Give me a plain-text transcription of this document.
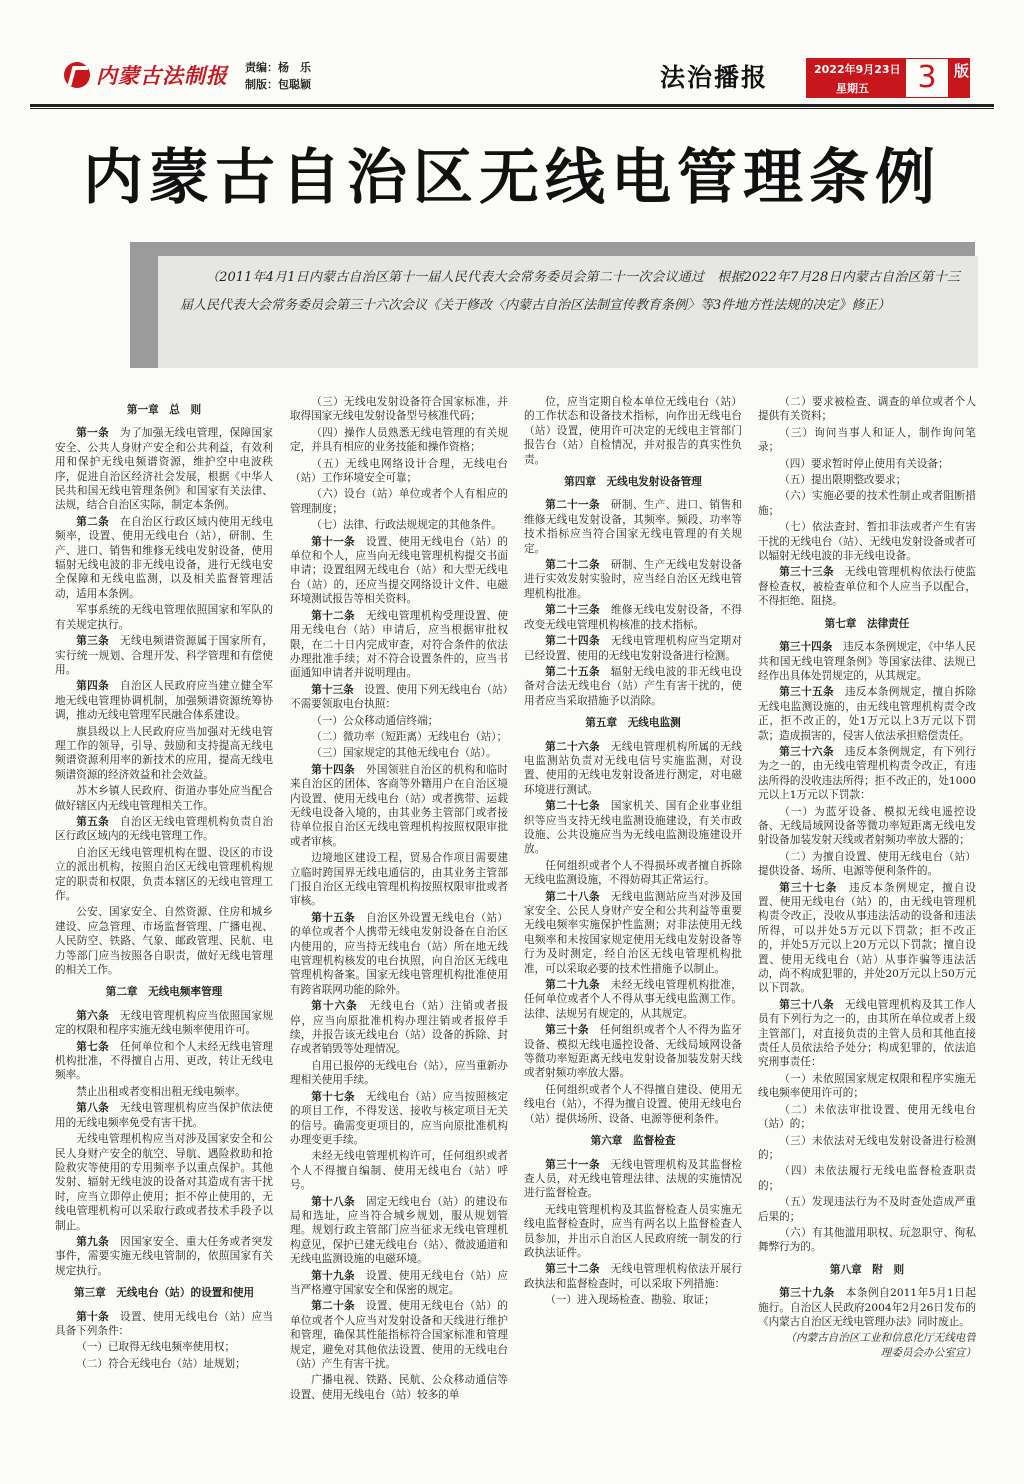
内蒙古法制报 责编：杨　乐
制版：包聪颖	法治播报	2022年9月23日
星期五	3	版
内蒙古自治区无线电管理条例

（2011年4月1日内蒙古自治区第十一届人民代表大会常务委员会第二十一次会议通过　根据2022年7月28日内蒙古自治区第十三届人民代表大会常务委员会第三十六次会议《关于修改〈内蒙古自治区法制宣传教育条例〉等3件地方性法规的决定》修正）

第一章　总　则

第一条　为了加强无线电管理，保障国家安全、公共人身财产安全和公共利益，有效利用和保护无线电频谱资源，维护空中电波秩序，促进自治区经济社会发展，根据《中华人民共和国无线电管理条例》和国家有关法律、法规，结合自治区实际，制定本条例。

第二条　在自治区行政区域内使用无线电频率，设置、使用无线电台（站），研制、生产、进口、销售和维修无线电发射设备，使用辐射无线电波的非无线电设备，进行无线电安全保障和无线电监测，以及相关监督管理活动，适用本条例。

军事系统的无线电管理依照国家和军队的有关规定执行。

第三条　无线电频谱资源属于国家所有，实行统一规划、合理开发、科学管理和有偿使用。

第四条　自治区人民政府应当建立健全军地无线电管理协调机制，加强频谱资源统筹协调，推动无线电管理军民融合体系建设。

旗县级以上人民政府应当加强对无线电管理工作的领导，引导、鼓励和支持提高无线电频谱资源利用率的新技术的应用，提高无线电频谱资源的经济效益和社会效益。

苏木乡镇人民政府、街道办事处应当配合做好辖区内无线电管理相关工作。

第五条　自治区无线电管理机构负责自治区行政区域内的无线电管理工作。

自治区无线电管理机构在盟、设区的市设立的派出机构，按照自治区无线电管理机构规定的职责和权限，负责本辖区的无线电管理工作。

公安、国家安全、自然资源、住房和城乡建设、应急管理、市场监督管理、广播电视、人民防空、铁路、气象、邮政管理、民航、电力等部门应当按照各自职责，做好无线电管理的相关工作。

第二章　无线电频率管理

第六条　无线电管理机构应当依照国家规定的权限和程序实施无线电频率使用许可。

第七条　任何单位和个人未经无线电管理机构批准，不得擅自占用、更改，转让无线电频率。

禁止出租或者变相出租无线电频率。

第八条　无线电管理机构应当保护依法使用的无线电频率免受有害干扰。

无线电管理机构应当对涉及国家安全和公民人身财产安全的航空、导航、遇险救助和抢险救灾等使用的专用频率予以重点保护。其他发射、辐射无线电波的设备对其造成有害干扰时，应当立即停止使用；拒不停止使用的，无线电管理机构可以采取行政或者技术手段予以制止。

第九条　因国家安全、重大任务或者突发事件，需要实施无线电管制的，依照国家有关规定执行。

第三章　无线电台（站）的设置和使用

第十条　设置、使用无线电台（站）应当具备下列条件：

（一）已取得无线电频率使用权；

（二）符合无线电台（站）址规划；

（三）无线电发射设备符合国家标准，并取得国家无线电发射设备型号核准代码；

（四）操作人员熟悉无线电管理的有关规定，并具有相应的业务技能和操作资格；

（五）无线电网络设计合理，无线电台（站）工作环境安全可靠；

（六）设台（站）单位或者个人有相应的管理制度；

（七）法律、行政法规规定的其他条件。

第十一条　设置、使用无线电台（站）的单位和个人，应当向无线电管理机构提交书面申请；设置组网无线电台（站）和大型无线电台（站）的，还应当提交网络设计文件、电磁环境测试报告等相关资料。

第十二条　无线电管理机构受理设置、使用无线电台（站）申请后，应当根据审批权限，在二十日内完成审查，对符合条件的依法办理批准手续；对不符合设置条件的，应当书面通知申请者并说明理由。

第十三条　设置、使用下列无线电台（站）不需要领取电台执照：

（一）公众移动通信终端；

（二）微功率（短距离）无线电台（站）；

（三）国家规定的其他无线电台（站）。

第十四条　外国领驻自治区的机构和临时来自治区的团体、客商等外籍用户在自治区境内设置、使用无线电台（站）或者携带、运载无线电设备入境的，由其业务主管部门或者接待单位报自治区无线电管理机构按照权限审批或者审核。

边境地区建设工程，贸易合作项目需要建立临时跨国界无线电通信的，由其业务主管部门报自治区无线电管理机构按照权限审批或者审核。

第十五条　自治区外设置无线电台（站）的单位或者个人携带无线电发射设备在自治区内使用的，应当持无线电台（站）所在地无线电管理机构核发的电台执照，向自治区无线电管理机构备案。国家无线电管理机构批准使用有跨省联网功能的除外。

第十六条　无线电台（站）注销或者报停，应当向原批准机构办理注销或者报停手续，并报告该无线电台（站）设备的拆除、封存或者销毁等处理情况。

自用已报停的无线电台（站），应当重新办理相关使用手续。

第十七条　无线电台（站）应当按照核定的项目工作，不得发送、接收与核定项目无关的信号。确需变更项目的，应当向原批准机构办理变更手续。

未经无线电管理机构许可，任何组织或者个人不得擅自编制、使用无线电台（站）呼号。

第十八条　固定无线电台（站）的建设布局和选址，应当符合城乡规划，服从规划管理。规划行政主管部门应当征求无线电管理机构意见，保护已建无线电台（站）、微波通道和无线电监测设施的电磁环境。

第十九条　设置、使用无线电台（站）应当严格遵守国家安全和保密的规定。

第二十条　设置、使用无线电台（站）的单位或者个人应当对发射设备和天线进行维护和管理，确保其性能指标符合国家标准和管理规定，避免对其他依法设置、使用的无线电台（站）产生有害干扰。

广播电视、铁路、民航、公众移动通信等设置、使用无线电台（站）较多的单

位，应当定期自检本单位无线电台（站）的工作状态和设备技术指标，向作出无线电台（站）设置，使用许可决定的无线电主管部门报告台（站）自检情况，并对报告的真实性负责。

第四章　无线电发射设备管理

第二十一条　研制、生产、进口、销售和维修无线电发射设备，其频率、频段、功率等技术指标应当符合国家无线电管理的有关规定。

第二十二条　研制、生产无线电发射设备进行实效发射实验时，应当经自治区无线电管理机构批准。

第二十三条　维修无线电发射设备，不得改变无线电管理机构核准的技术指标。

第二十四条　无线电管理机构应当定期对已经设置、使用的无线电发射设备进行检测。

第二十五条　辐射无线电波的非无线电设备对合法无线电台（站）产生有害干扰的，使用者应当采取措施予以消除。

第五章　无线电监测

第二十六条　无线电管理机构所属的无线电监测站负责对无线电信号实施监测，对设置、使用的无线电发射设备进行测定，对电磁环境进行测试。

第二十七条　国家机关、国有企业事业组织等应当支持无线电监测设施建设，有关市政设施、公共设施应当为无线电监测设施建设开放。

任何组织或者个人不得损坏或者擅自拆除无线电监测设施，不得妨碍其正常运行。

第二十八条　无线电监测站应当对涉及国家安全、公民人身财产安全和公共利益等重要无线电频率实施保护性监测；对非法使用无线电频率和未按国家规定使用无线电发射设备等行为及时测定，经自治区无线电管理机构批准，可以采取必要的技术性措施予以制止。

第二十九条　未经无线电管理机构批准，任何单位或者个人不得从事无线电监测工作。法律、法规另有规定的，从其规定。

第三十条　任何组织或者个人不得为监牙设备、模拟无线电遥控设备、无线局域网设备等微功率短距离无线电发射设备加装发射天线或者射频功率放大器。

任何组织或者个人不得擅自建设、使用无线电台（站），不得为擅自设置、使用无线电台（站）提供场所、设备、电源等便利条件。

第六章　监督检查

第三十一条　无线电管理机构及其监督检查人员，对无线电管理法律、法规的实施情况进行监督检查。

无线电管理机构及其监督检查人员实施无线电监督检查时，应当有两名以上监督检查人员参加，并出示自治区人民政府统一制发的行政执法证件。

第三十二条　无线电管理机构依法开展行政执法和监督检查时，可以采取下列措施：

（一）进入现场检查、勘验、取证；

（二）要求被检查、调查的单位或者个人提供有关资料；

（三）询问当事人和证人，制作询问笔录；

（四）要求暂时停止使用有关设备；

（五）提出限期整改要求；

（六）实施必要的技术性制止或者阻断措施；

（七）依法查封、暂扣非法或者产生有害干扰的无线电台（站）、无线电发射设备或者可以辐射无线电波的非无线电设备。

第三十三条　无线电管理机构依法行使监督检查权，被检查单位和个人应当予以配合，不得拒绝、阻挠。

第七章　法律责任

第三十四条　违反本条例规定，《中华人民共和国无线电管理条例》等国家法律、法规已经作出具体处罚规定的，从其规定。

第三十五条　违反本条例规定，擅自拆除无线电监测设施的，由无线电管理机构责令改正，拒不改正的，处1万元以上3万元以下罚款；造成损害的，侵害人依法承担赔偿责任。

第三十六条　违反本条例规定，有下列行为之一的，由无线电管理机构责令改正，有违法所得的没收违法所得；拒不改正的，处1000元以上1万元以下罚款：

（一）为蓝牙设备、模拟无线电遥控设备、无线局域网设备等微功率短距离无线电发射设备加装发射天线或者射频功率放大器的；

（二）为擅自设置、使用无线电台（站）提供设备、场所、电源等便利条件的。

第三十七条　违反本条例规定，擅自设置、使用无线电台（站）的，由无线电管理机构责令改正，没收从事违法活动的设备和违法所得，可以并处5万元以下罚款；拒不改正的，并处5万元以上20万元以下罚款；擅自设置、使用无线电台（站）从事诈骗等违法活动，尚不构成犯罪的，并处20万元以上50万元以下罚款。

第三十八条　无线电管理机构及其工作人员有下列行为之一的，由其所在单位或者上级主管部门，对直接负责的主管人员和其他直接责任人员依法给予处分；构成犯罪的，依法追究刑事责任：

（一）未依照国家规定权限和程序实施无线电频率使用许可的；

（二）未依法审批设置、使用无线电台（站）的；

（三）未依法对无线电发射设备进行检测的；

（四）未依法履行无线电监督检查职责的；

（五）发现违法行为不及时查处造成严重后果的；

（六）有其他滥用职权、玩忽职守、徇私舞弊行为的。

第八章　附　则

第三十九条　本条例自2011年5月1日起施行。自治区人民政府2004年2月26日发布的《内蒙古自治区无线电管理办法》同时废止。

（内蒙古自治区工业和信息化厅无线电管理委员会办公室宣）
